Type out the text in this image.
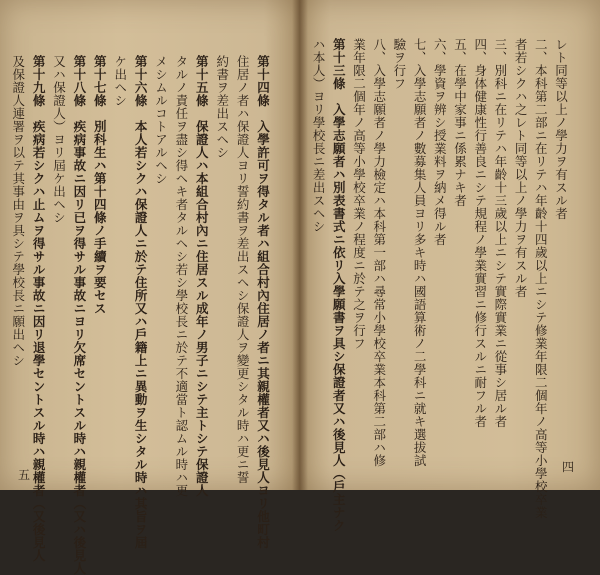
第十四條　入學許可ヲ得タル者ハ組合村內住居ノ者ニ其親權者又ハ後見人ヨリ他町村
住居ノ者ハ保證人ヨリ誓約書ヲ差出スヘシ保證人ヲ變更シタル時ハ更ニ誓
約書ヲ差出スヘシ
第十五條　保證人ハ本組合村內ニ住居スル成年ノ男子ニシテ主トシテ保證人
タルノ責任ヲ盡シ得ヘキ者タルヘシ若シ學校長ニ於テ不適當ト認ムル時ハ更
メシムルコトアルヘシ
第十六條　本人若シクハ保證人ニ於テ住所又ハ戶籍上ニ異動ヲ生シタル時ハ其旨ヲ屆
ケ出ヘシ
第十七條　別科生ハ第十四條ノ手續ヲ要セス
第十八條　疾病事故ニ因リ已ヲ得サル事故ニヨリ欠席セントスル時ハ親權者（又ハ後見人
又ハ保證人）ヨリ屆ケ出ヘシ
第十九條　疾病若シクハ止ムヲ得サル事故ニ因リ退學セントスル時ハ親權者（又後見人
及保證人連署ヲ以テ其事由ヲ具シテ學校長ニ願出ヘシ
五
レト同等以上ノ學力ヲ有スル者
二、本科第二部ニ在リテハ年齡十四歲以上ニシテ修業年限二個年ノ高等小學校卒業
者若シクハ之レト同等以上ノ學力ヲ有スル者
三、別科ニ在リテハ年齡十三歲以上ニシテ實際實業ニ從事シ居ル者
四、身体健康性行善良ニシテ規程ノ學業實習ニ修行スルニ耐フル者
五、在學中家事ニ係累ナキ者
六、學資ヲ辨シ授業料ヲ納メ得ル者
七、入學志願者ノ數募集人員ヨリ多キ時ハ國語算術ノ二學科ニ就キ選拔試
驗ヲ行フ
八、入學志願者ノ學力檢定ハ本科第一部ハ尋常小學校卒業本科第二部ハ修
業年限二個年ノ高等小學校卒業ノ程度ニ於テ之ヲ行フ
第十三條　入學志願者ハ別表書式ニ依リ入學願書ヲ具シ保證者又ハ後見人（戶主ナク
ハ本人）ヨリ學校長ニ差出スヘシ
四
